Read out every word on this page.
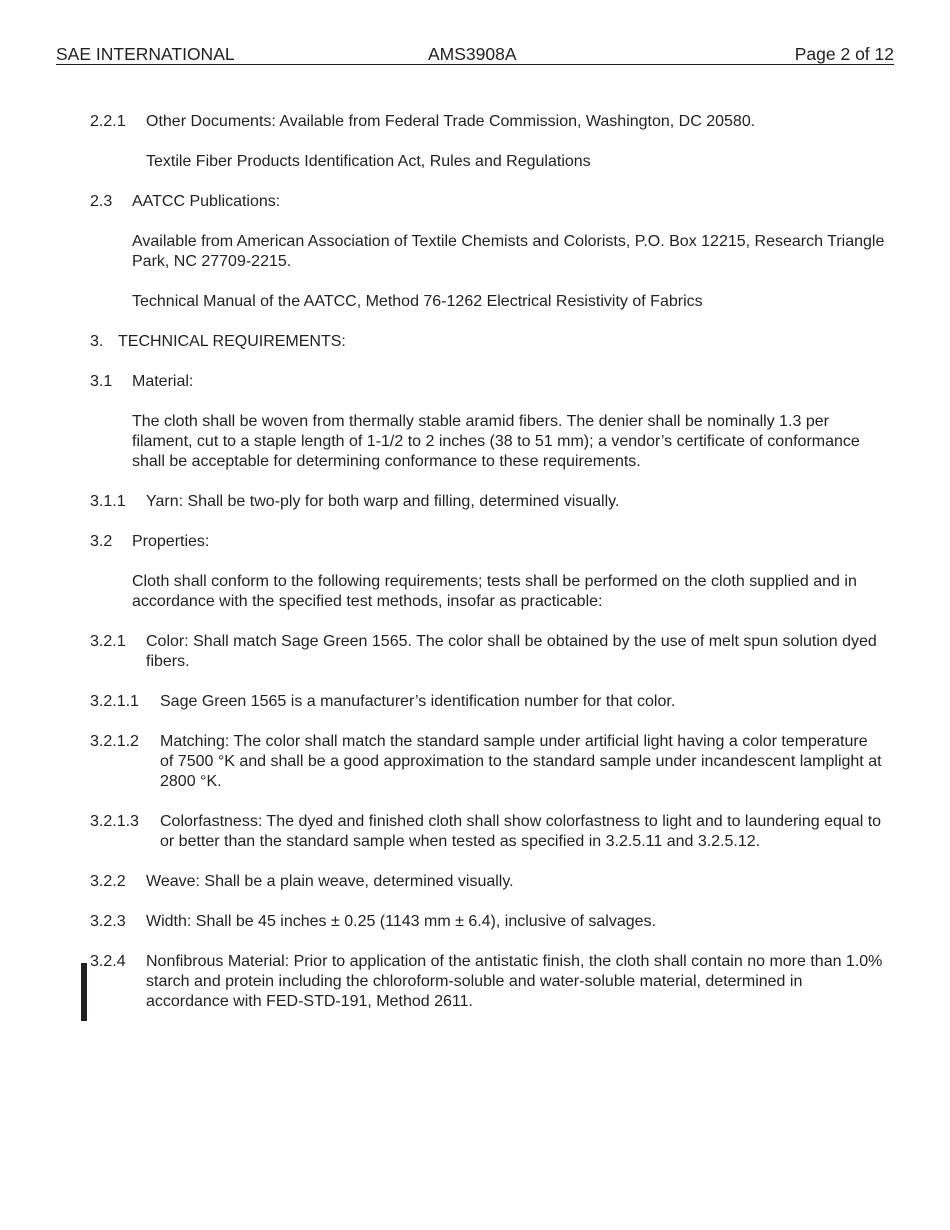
SAE INTERNATIONAL	AMS3908A	Page 2 of 12
2.2.1 Other Documents: Available from Federal Trade Commission, Washington, DC 20580.
Textile Fiber Products Identification Act, Rules and Regulations
2.3 AATCC Publications:
Available from American Association of Textile Chemists and Colorists, P.O. Box 12215, Research Triangle Park, NC 27709-2215.
Technical Manual of the AATCC, Method 76-1262 Electrical Resistivity of Fabrics
3. TECHNICAL REQUIREMENTS:
3.1 Material:
The cloth shall be woven from thermally stable aramid fibers. The denier shall be nominally 1.3 per filament, cut to a staple length of 1-1/2 to 2 inches (38 to 51 mm); a vendor’s certificate of conformance shall be acceptable for determining conformance to these requirements.
3.1.1 Yarn: Shall be two-ply for both warp and filling, determined visually.
3.2 Properties:
Cloth shall conform to the following requirements; tests shall be performed on the cloth supplied and in accordance with the specified test methods, insofar as practicable:
3.2.1 Color: Shall match Sage Green 1565. The color shall be obtained by the use of melt spun solution dyed fibers.
3.2.1.1 Sage Green 1565 is a manufacturer’s identification number for that color.
3.2.1.2 Matching: The color shall match the standard sample under artificial light having a color temperature of 7500 °K and shall be a good approximation to the standard sample under incandescent lamplight at 2800 °K.
3.2.1.3 Colorfastness: The dyed and finished cloth shall show colorfastness to light and to laundering equal to or better than the standard sample when tested as specified in 3.2.5.11 and 3.2.5.12.
3.2.2 Weave: Shall be a plain weave, determined visually.
3.2.3 Width: Shall be 45 inches ± 0.25 (1143 mm ± 6.4), inclusive of salvages.
3.2.4 Nonfibrous Material: Prior to application of the antistatic finish, the cloth shall contain no more than 1.0% starch and protein including the chloroform-soluble and water-soluble material, determined in accordance with FED-STD-191, Method 2611.
